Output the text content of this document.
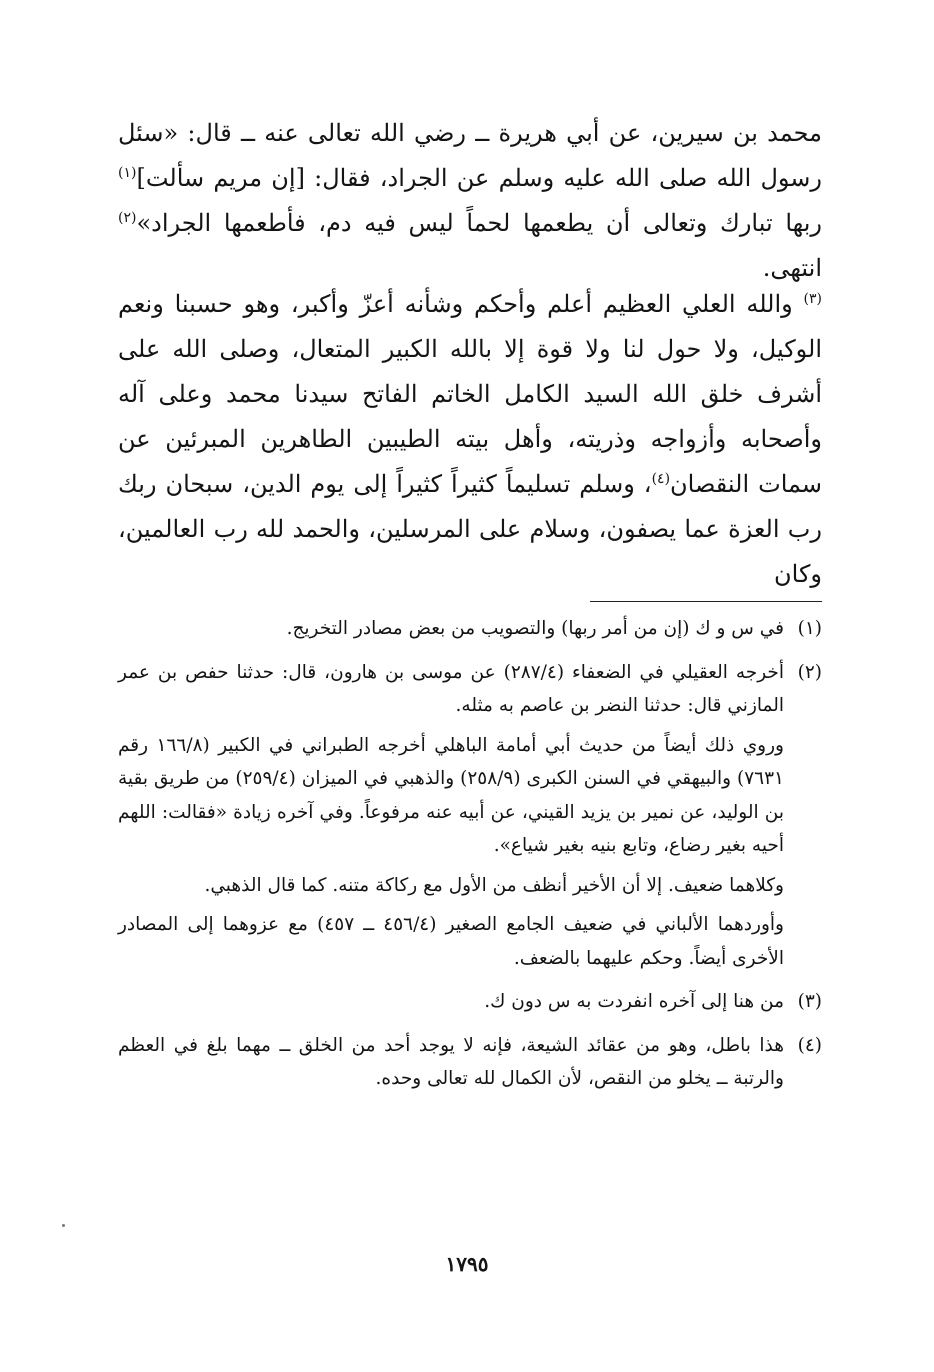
محمد بن سيرين، عن أبي هريرة ــ رضي الله تعالى عنه ــ قال: «سئل رسول الله صلى الله عليه وسلم عن الجراد، فقال: [إن مريم سألت]$^{(١)}$ ربها تبارك وتعالى أن يطعمها لحماً ليس فيه دم، فأطعمها الجراد»$^{(٢)}$ انتهى.

$^{(٣)}$ والله العلي العظيم أعلم وأحكم وشأنه أعزّ وأكبر، وهو حسبنا ونعم الوكيل، ولا حول لنا ولا قوة إلا بالله الكبير المتعال، وصلى الله على أشرف خلق الله السيد الكامل الخاتم الفاتح سيدنا محمد وعلى آله وأصحابه وأزواجه وذريته، وأهل بيته الطيبين الطاهرين المبرئين عن سمات النقصان$^{(٤)}$، وسلم تسليماً كثيراً كثيراً إلى يوم الدين، سبحان ربك رب العزة عما يصفون، وسلام على المرسلين، والحمد لله رب العالمين، وكان

(١)

في س و ك (إن من أمر ربها) والتصويب من بعض مصادر التخريج.

(٢)

أخرجه العقيلي في الضعفاء (٢٨٧/٤) عن موسى بن هارون، قال: حدثنا حفص بن عمر المازني قال: حدثنا النضر بن عاصم به مثله.

وروي ذلك أيضاً من حديث أبي أمامة الباهلي أخرجه الطبراني في الكبير (١٦٦/٨ رقم ٧٦٣١) والبيهقي في السنن الكبرى (٢٥٨/٩) والذهبي في الميزان (٢٥٩/٤) من طريق بقية بن الوليد، عن نمير بن يزيد القيني، عن أبيه عنه مرفوعاً. وفي آخره زيادة «فقالت: اللهم أحيه بغير رضاع، وتابع بنيه بغير شياع».

وكلاهما ضعيف. إلا أن الأخير أنظف من الأول مع ركاكة متنه. كما قال الذهبي.

وأوردهما الألباني في ضعيف الجامع الصغير (٤٥٦/٤ ــ ٤٥٧) مع عزوهما إلى المصادر الأخرى أيضاً. وحكم عليهما بالضعف.

(٣)

من هنا إلى آخره انفردت به س دون ك.

(٤)

هذا باطل، وهو من عقائد الشيعة، فإنه لا يوجد أحد من الخلق ــ مهما بلغ في العظم والرتبة ــ يخلو من النقص، لأن الكمال لله تعالى وحده.

١٧٩٥
